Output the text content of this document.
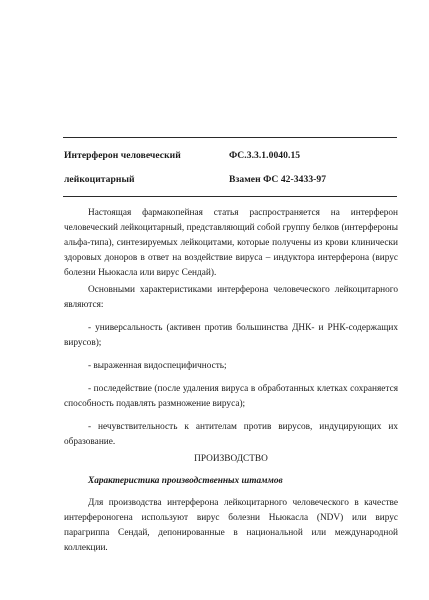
Интерферон человеческий	ФС.3.3.1.0040.15
лейкоцитарный	Взамен ФС 42-3433-97
Настоящая фармакопейная статья распространяется на интерферон человеческий лейкоцитарный, представляющий собой группу белков (интерфероны альфа-типа), синтезируемых лейкоцитами, которые получены из крови клинически здоровых доноров в ответ на воздействие вируса – индуктора интерферона (вирус болезни Ньюкасла или вирус Сендай).
Основными характеристиками интерферона человеческого лейкоцитарного являются:
- универсальность (активен против большинства ДНК- и РНК-содержащих вирусов);
- выраженная видоспецифичность;
- последействие (после удаления вируса в обработанных клетках сохраняется способность подавлять размножение вируса);
- нечувствительность к антителам против вирусов, индуцирующих их образование.
ПРОИЗВОДСТВО
Характеристика производственных штаммов
Для производства интерферона лейкоцитарного человеческого в качестве интерфероногена используют вирус болезни Ньюкасла (NDV) или вирус парагриппа Сендай, депонированные в национальной или международной коллекции.
